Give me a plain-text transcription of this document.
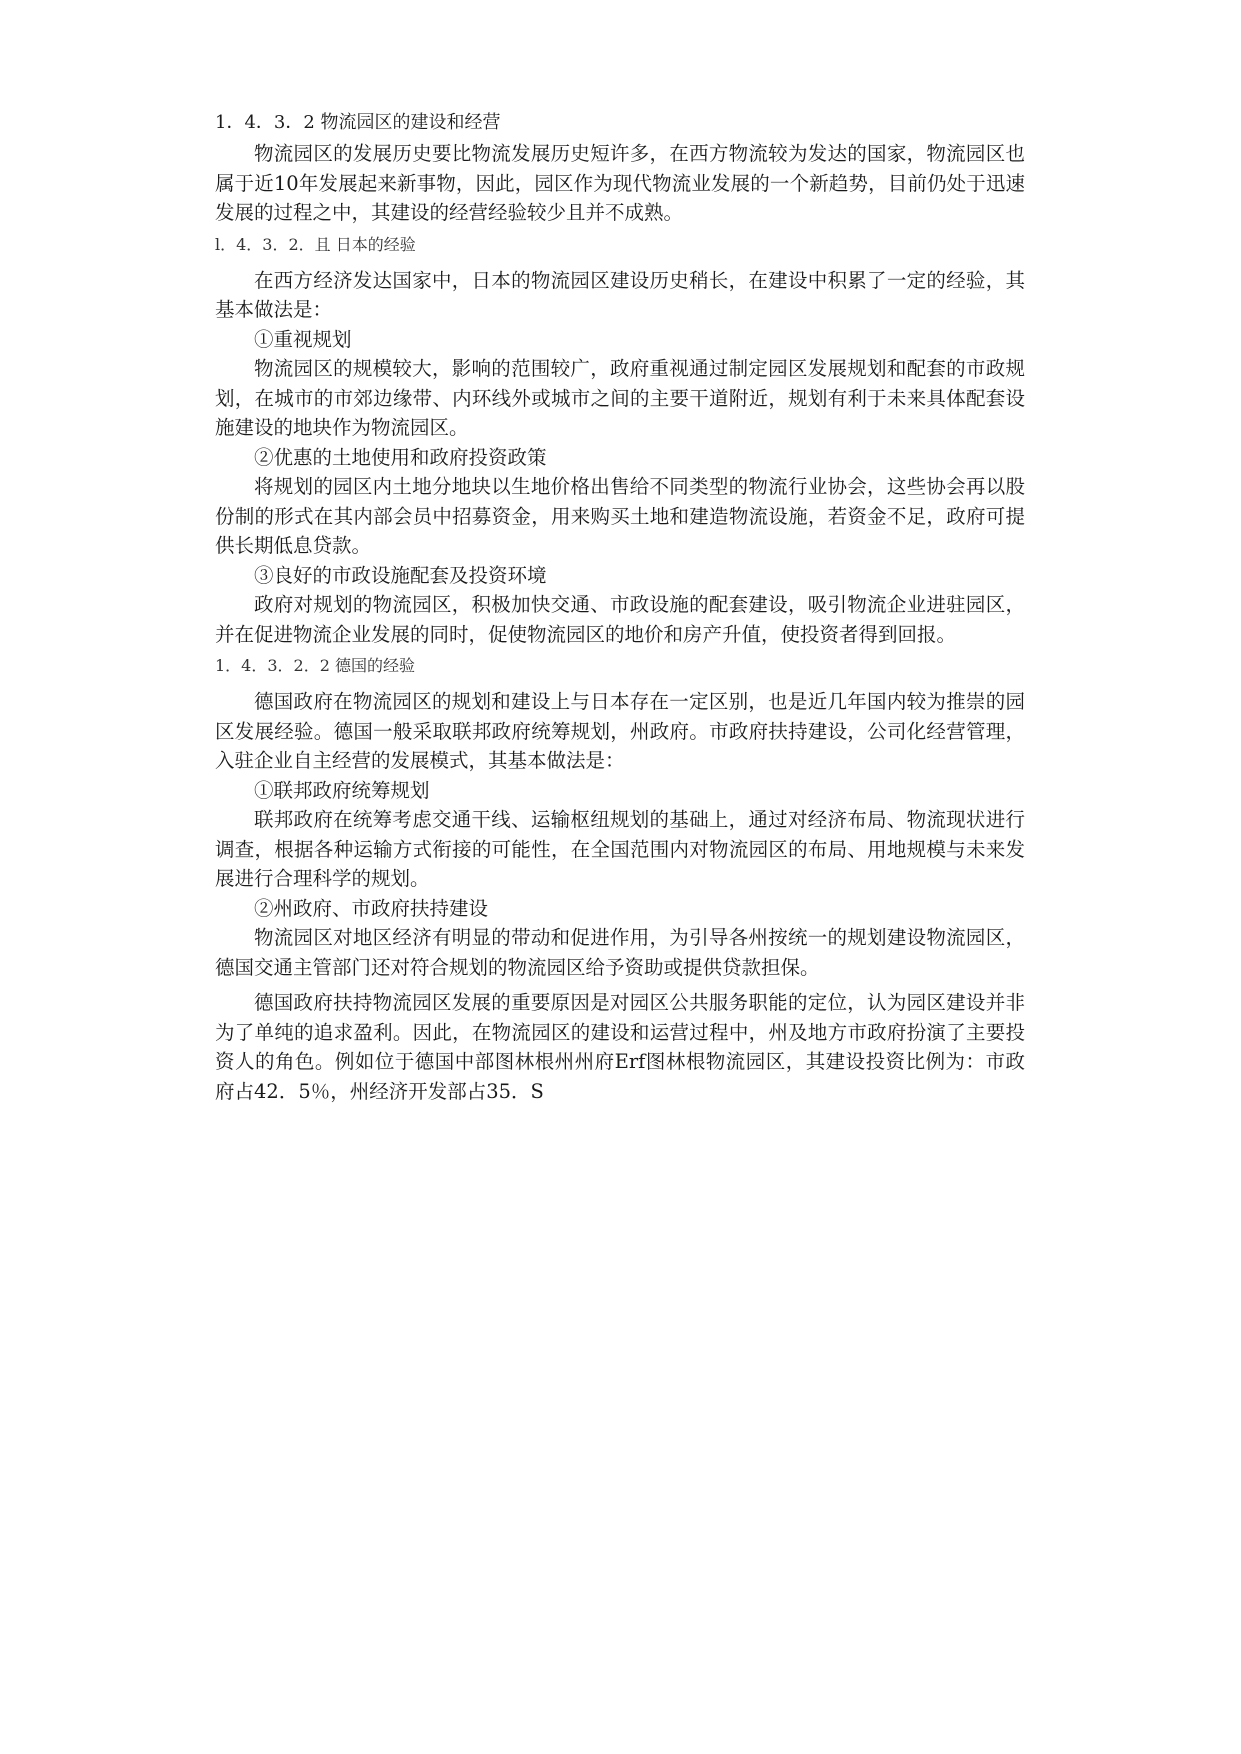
1．4．3．2 物流园区的建设和经营

物流园区的发展历史要比物流发展历史短许多，在西方物流较为发达的国家，物流园区也属于近10年发展起来新事物，因此，园区作为现代物流业发展的一个新趋势，目前仍处于迅速发展的过程之中，其建设的经营经验较少且并不成熟。

l．4．3．2．且 日本的经验

在西方经济发达国家中，日本的物流园区建设历史稍长，在建设中积累了一定的经验，其基本做法是：

①重视规划

物流园区的规模较大，影响的范围较广，政府重视通过制定园区发展规划和配套的市政规划，在城市的市郊边缘带、内环线外或城市之间的主要干道附近，规划有利于未来具体配套设施建设的地块作为物流园区。

②优惠的土地使用和政府投资政策

将规划的园区内土地分地块以生地价格出售给不同类型的物流行业协会，这些协会再以股份制的形式在其内部会员中招募资金，用来购买土地和建造物流设施，若资金不足，政府可提供长期低息贷款。

③良好的市政设施配套及投资环境

政府对规划的物流园区，积极加快交通、市政设施的配套建设，吸引物流企业进驻园区，并在促进物流企业发展的同时，促使物流园区的地价和房产升值，使投资者得到回报。

1．4．3．2．2 德国的经验

德国政府在物流园区的规划和建设上与日本存在一定区别，也是近几年国内较为推崇的园区发展经验。德国一般采取联邦政府统筹规划，州政府。市政府扶持建设，公司化经营管理，入驻企业自主经营的发展模式，其基本做法是：

①联邦政府统筹规划

联邦政府在统筹考虑交通干线、运输枢纽规划的基础上，通过对经济布局、物流现状进行调查，根据各种运输方式衔接的可能性，在全国范围内对物流园区的布局、用地规模与未来发展进行合理科学的规划。

②州政府、市政府扶持建设

物流园区对地区经济有明显的带动和促进作用，为引导各州按统一的规划建设物流园区，德国交通主管部门还对符合规划的物流园区给予资助或提供贷款担保。

德国政府扶持物流园区发展的重要原因是对园区公共服务职能的定位，认为园区建设并非为了单纯的追求盈利。因此，在物流园区的建设和运营过程中，州及地方市政府扮演了主要投资人的角色。例如位于德国中部图林根州州府Erf图林根物流园区，其建设投资比例为：市政府占42．5％，州经济开发部占35．S
